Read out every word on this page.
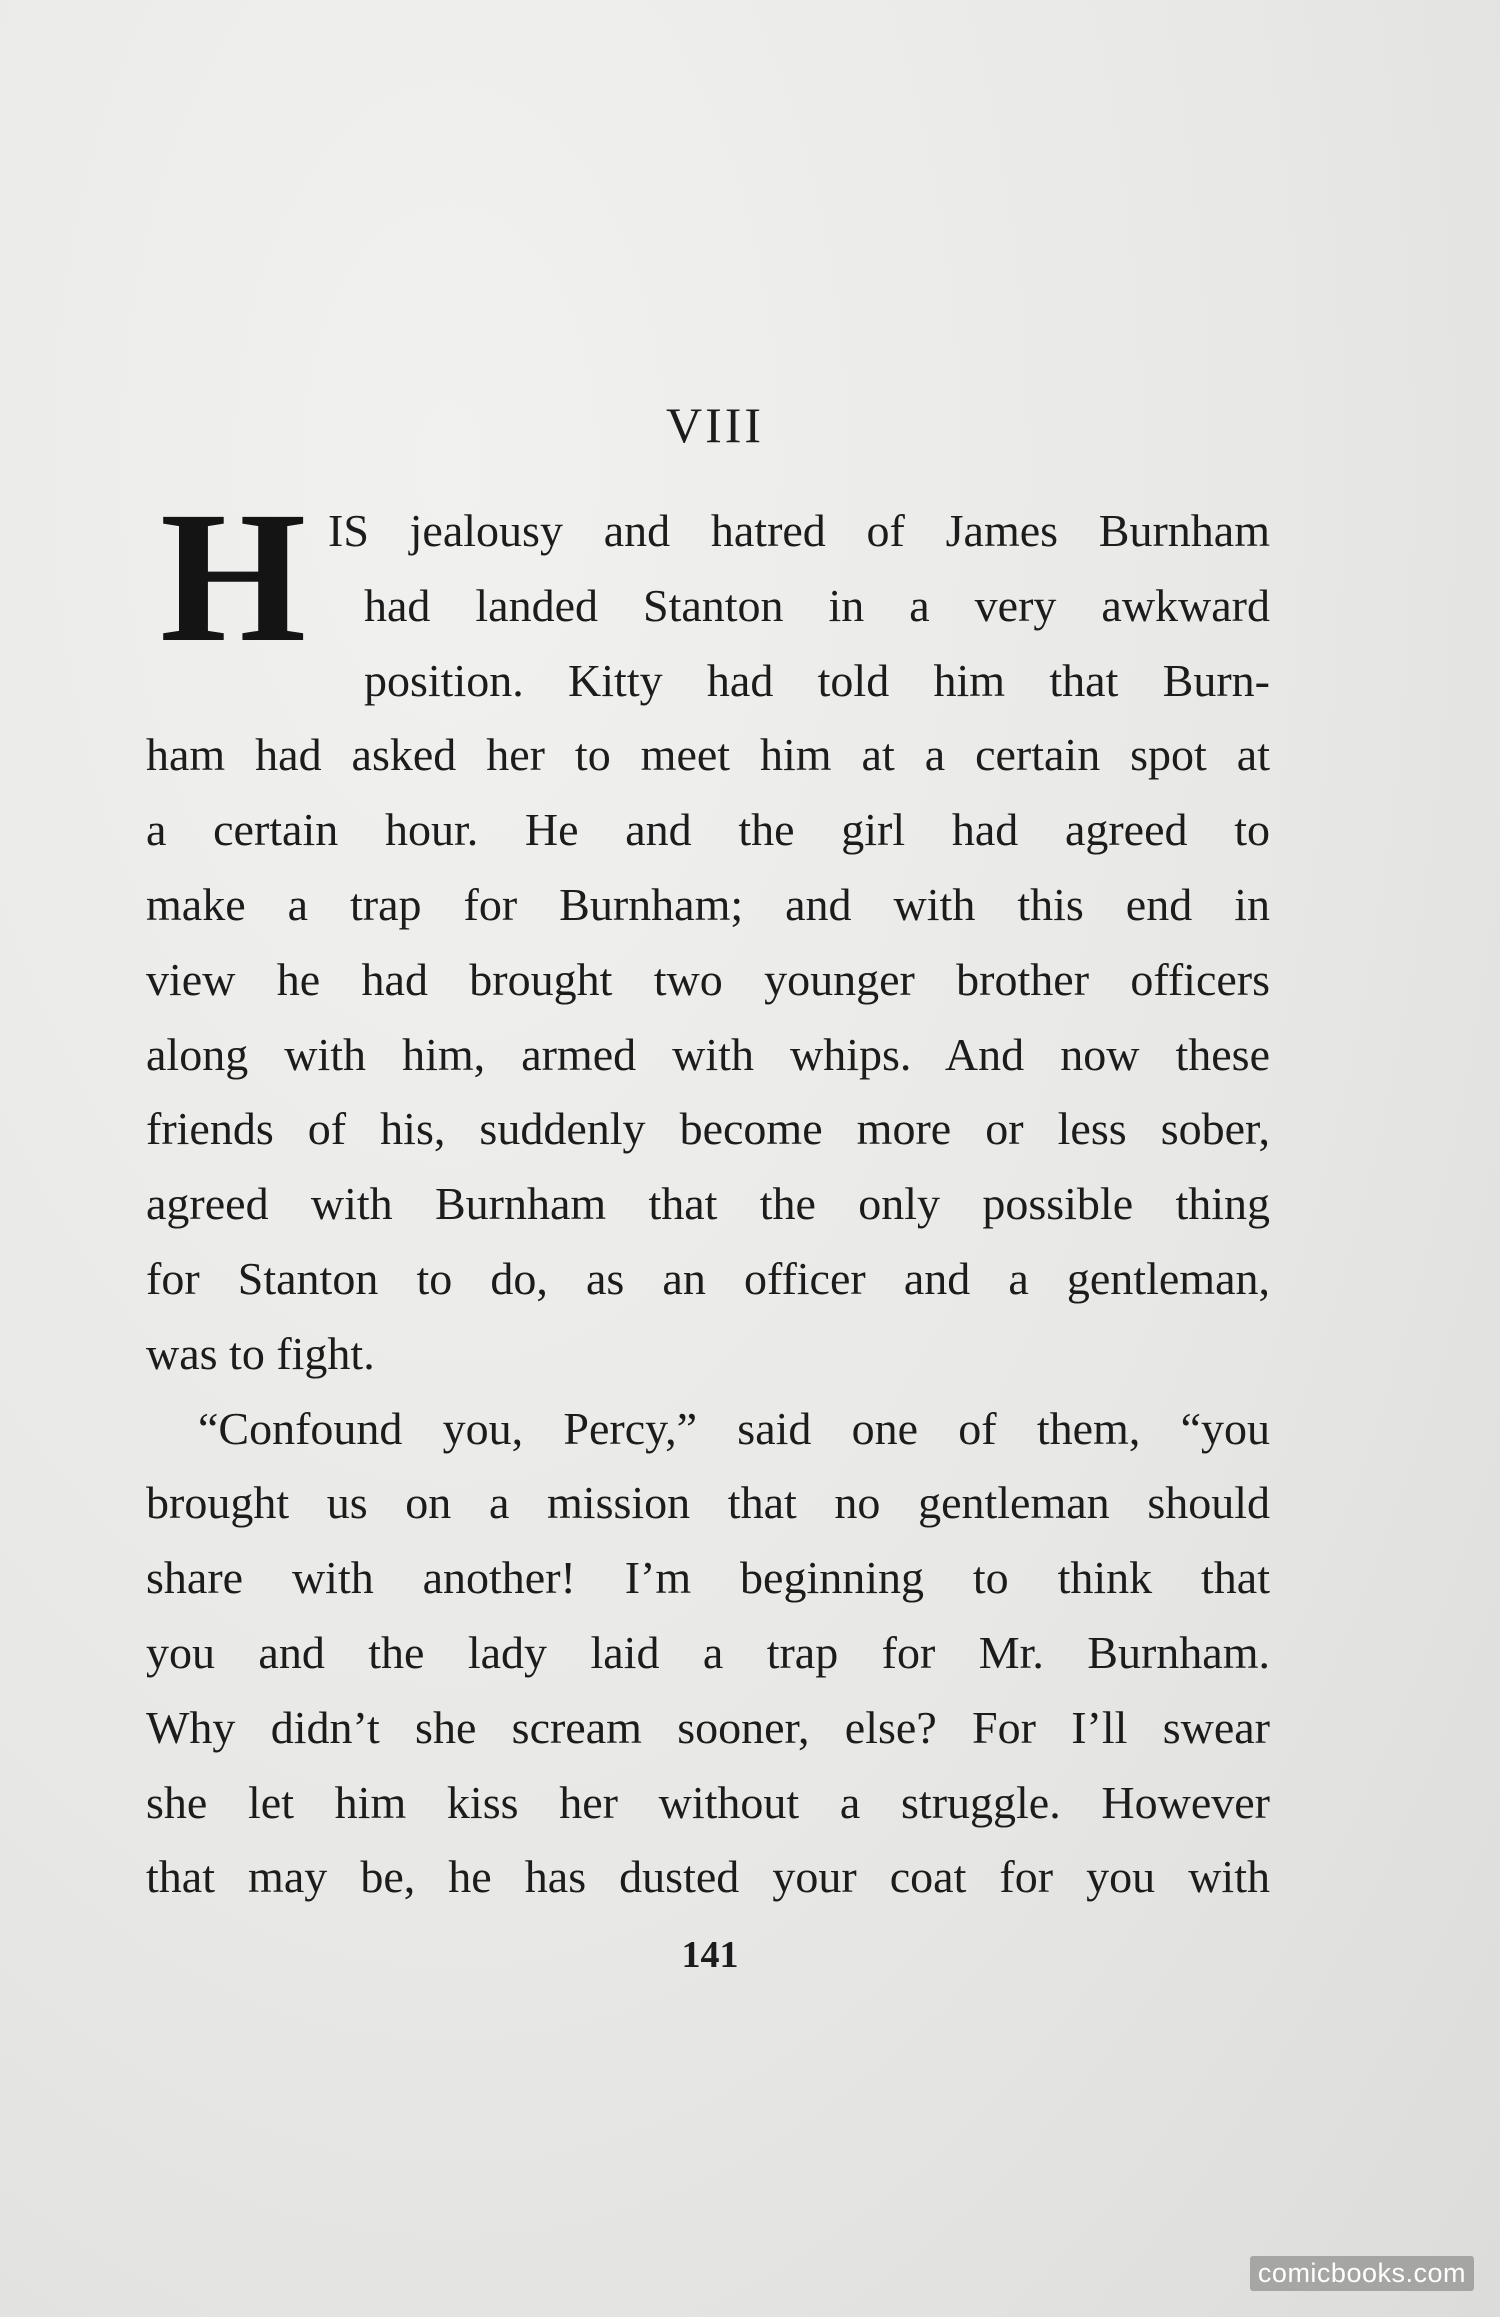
VIII
H IS jealousy and hatred of James Burnham
had landed Stanton in a very awkward
position. Kitty had told him that Burn-
ham had asked her to meet him at a certain spot at
a certain hour. He and the girl had agreed to
make a trap for Burnham; and with this end in
view he had brought two younger brother officers
along with him, armed with whips. And now these
friends of his, suddenly become more or less sober,
agreed with Burnham that the only possible thing
for Stanton to do, as an officer and a gentleman,
was to fight.
“Confound you, Percy,” said one of them, “you
brought us on a mission that no gentleman should
share with another! I’m beginning to think that
you and the lady laid a trap for Mr. Burnham.
Why didn’t she scream sooner, else? For I’ll swear
she let him kiss her without a struggle. However
that may be, he has dusted your coat for you with
141
comicbooks.com
